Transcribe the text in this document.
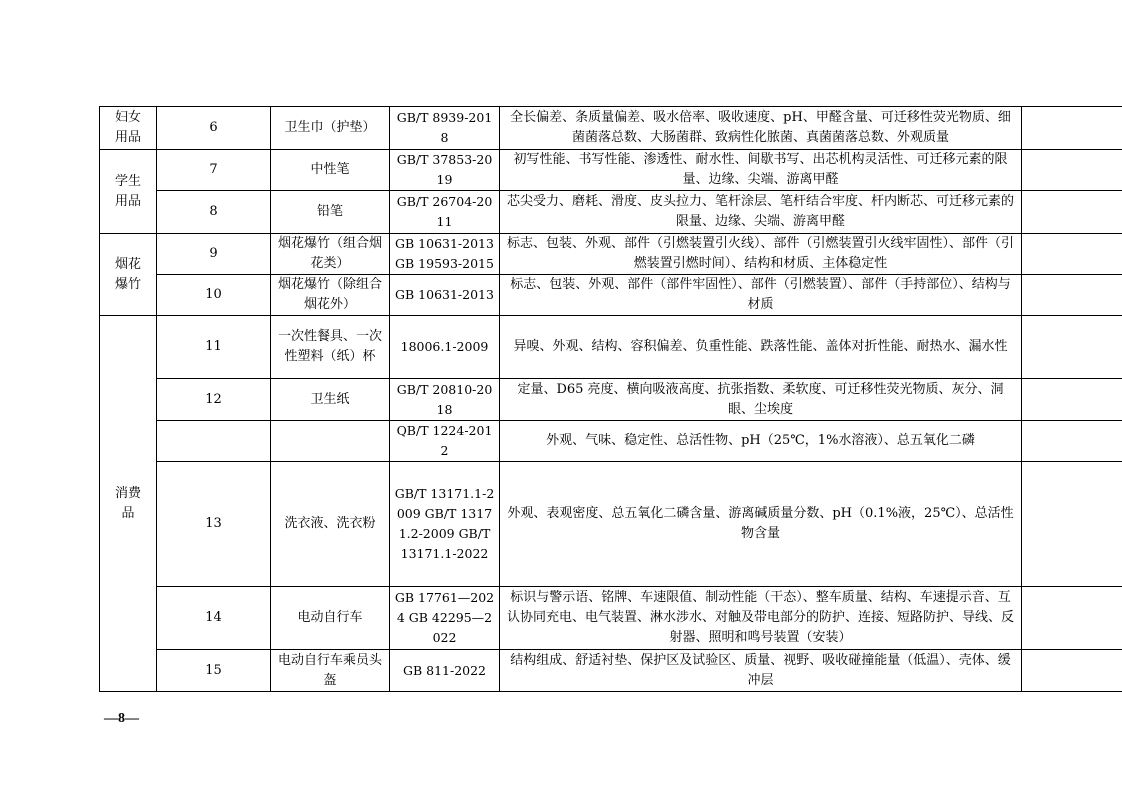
妇女用品	6	卫生巾（护垫）	GB/T 8939-2018	全长偏差、条质量偏差、吸水倍率、吸收速度、pH、甲醛含量、可迁移性荧光物质、细菌菌落总数、大肠菌群、致病性化脓菌、真菌菌落总数、外观质量	
学生用品	7	中性笔	GB/T 37853-2019	初写性能、书写性能、渗透性、耐水性、间歇书写、出芯机构灵活性、可迁移元素的限量、边缘、尖端、游离甲醛	
	8	铅笔	GB/T 26704-2011	芯尖受力、磨耗、滑度、皮头拉力、笔杆涂层、笔杆结合牢度、杆内断芯、可迁移元素的限量、边缘、尖端、游离甲醛	
烟花爆竹	9	烟花爆竹（组合烟花类）	GB 10631-2013 GB 19593-2015	标志、包装、外观、部件（引燃装置引火线）、部件（引燃装置引火线牢固性）、部件（引燃装置引燃时间）、结构和材质、主体稳定性	
	10	烟花爆竹（除组合烟花外）	GB 10631-2013	标志、包装、外观、部件（部件牢固性）、部件（引燃装置）、部件（手持部位）、结构与材质	
消费品	11	一次性餐具、一次性塑料（纸）杯	18006.1-2009	异嗅、外观、结构、容积偏差、负重性能、跌落性能、盖体对折性能、耐热水、漏水性	
	12	卫生纸	GB/T 20810-2018	定量、D65 亮度、横向吸液高度、抗张指数、柔软度、可迁移性荧光物质、灰分、洞眼、尘埃度	
			QB/T 1224-2012	外观、气味、稳定性、总活性物、pH（25℃，1%水溶液）、总五氧化二磷	
	13	洗衣液、洗衣粉	GB/T 13171.1-2009 GB/T 13171.2-2009 GB/T 13171.1-2022	外观、表观密度、总五氧化二磷含量、游离碱质量分数、pH（0.1%液，25℃）、总活性物含量	
	14	电动自行车	GB 17761—2024 GB 42295—2022	标识与警示语、铭牌、车速限值、制动性能（干态）、整车质量、结构、车速提示音、互认协同充电、电气装置、淋水涉水、对触及带电部分的防护、连接、短路防护、导线、反射器、照明和鸣号装置（安装）	
	15	电动自行车乘员头盔	GB 811-2022	结构组成、舒适衬垫、保护区及试验区、质量、视野、吸收碰撞能量（低温）、壳体、缓冲层	
—8—
